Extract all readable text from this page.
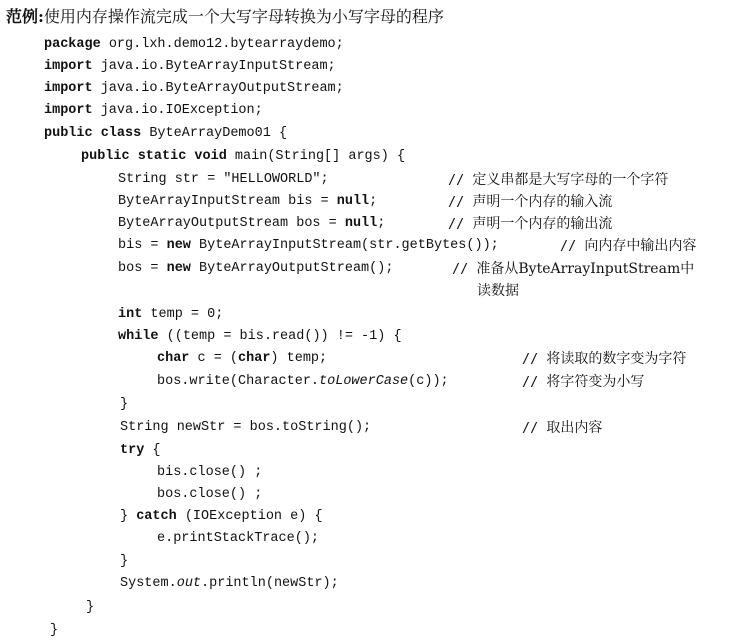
范例:使用内存操作流完成一个大写字母转换为小写字母的程序
package org.lxh.demo12.bytearraydemo;
import java.io.ByteArrayInputStream;
import java.io.ByteArrayOutputStream;
import java.io.IOException;
public class ByteArrayDemo01 {
public static void main(String[] args) {
String str = "HELLOWORLD";
ByteArrayInputStream bis = null;
ByteArrayOutputStream bos = null;
bis = new ByteArrayInputStream(str.getBytes());
bos = new ByteArrayOutputStream();
int temp = 0;
while ((temp = bis.read()) != -1) {
char c = (char) temp;
bos.write(Character.toLowerCase(c));
}
String newStr = bos.toString();
try {
bis.close() ;
bos.close() ;
} catch (IOException e) {
e.printStackTrace();
}
System.out.println(newStr);
}
}
// 定义串都是大写字母的一个字符
// 声明一个内存的输入流
// 声明一个内存的输出流
// 向内存中输出内容
// 准备从ByteArrayInputStream中
读数据
// 将读取的数字变为字符
// 将字符变为小写
// 取出内容
